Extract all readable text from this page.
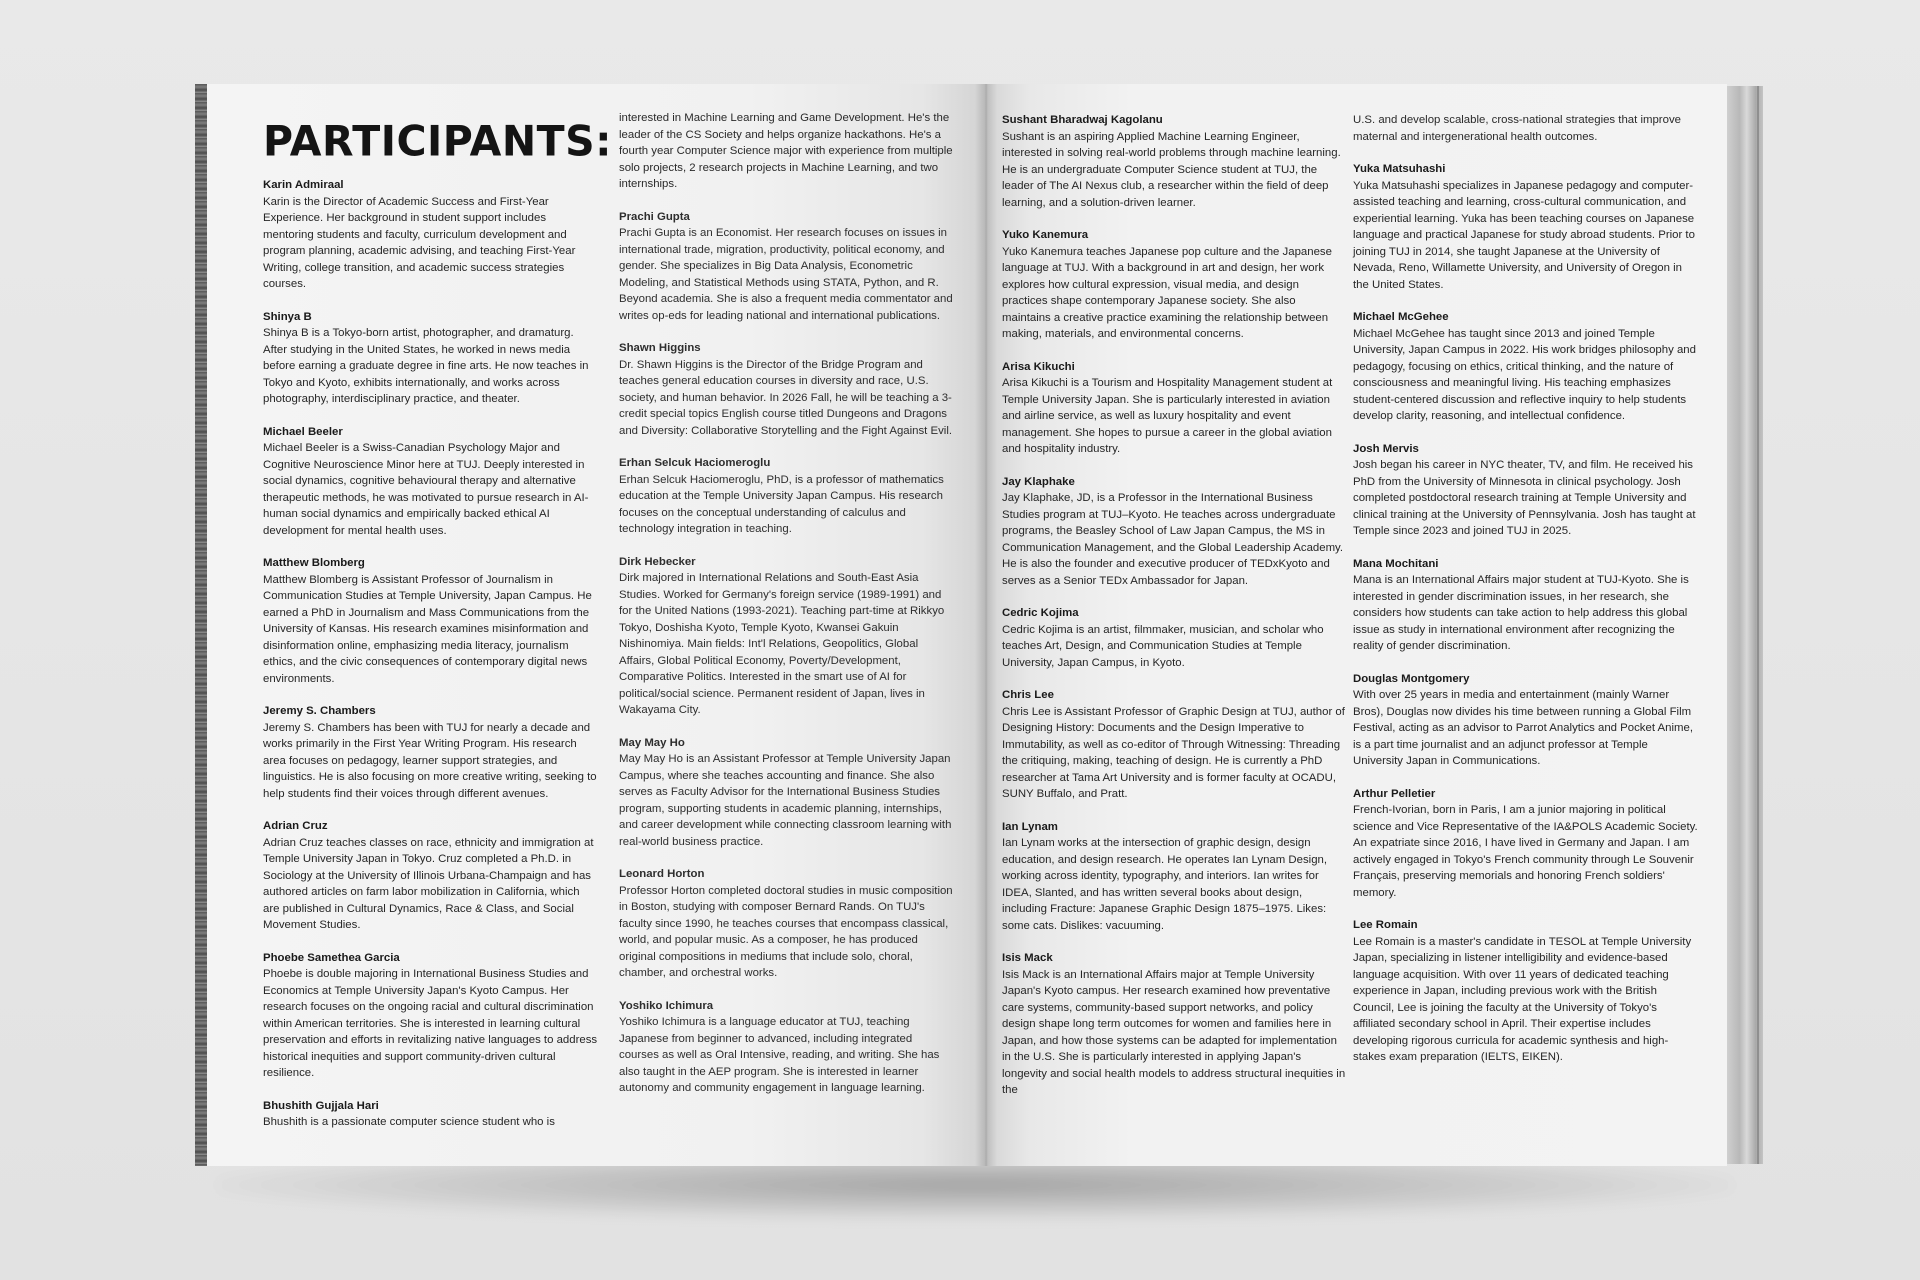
PARTICIPANTS:
Karin Admiraal
Karin is the Director of Academic Success and First-Year Experience. Her background in student support includes mentoring students and faculty, curriculum development and program planning, academic advising, and teaching First-Year Writing, college transition, and academic success strategies courses.
Shinya B
Shinya B is a Tokyo-born artist, photographer, and dramaturg. After studying in the United States, he worked in news media before earning a graduate degree in fine arts. He now teaches in Tokyo and Kyoto, exhibits internationally, and works across photography, interdisciplinary practice, and theater.
Michael Beeler
Michael Beeler is a Swiss-Canadian Psychology Major and Cognitive Neuroscience Minor here at TUJ. Deeply interested in social dynamics, cognitive behavioural therapy and alternative therapeutic methods, he was motivated to pursue research in AI-human social dynamics and empirically backed ethical AI development for mental health uses.
Matthew Blomberg
Matthew Blomberg is Assistant Professor of Journalism in Communication Studies at Temple University, Japan Campus. He earned a PhD in Journalism and Mass Communications from the University of Kansas. His research examines misinformation and disinformation online, emphasizing media literacy, journalism ethics, and the civic consequences of contemporary digital news environments.
Jeremy S. Chambers
Jeremy S. Chambers has been with TUJ for nearly a decade and works primarily in the First Year Writing Program. His research area focuses on pedagogy, learner support strategies, and linguistics. He is also focusing on more creative writing, seeking to help students find their voices through different avenues.
Adrian Cruz
Adrian Cruz teaches classes on race, ethnicity and immigration at Temple University Japan in Tokyo. Cruz completed a Ph.D. in Sociology at the University of Illinois Urbana-Champaign and has authored articles on farm labor mobilization in California, which are published in Cultural Dynamics, Race & Class, and Social Movement Studies.
Phoebe Samethea Garcia
Phoebe is double majoring in International Business Studies and Economics at Temple University Japan's Kyoto Campus. Her research focuses on the ongoing racial and cultural discrimination within American territories. She is interested in learning cultural preservation and efforts in revitalizing native languages to address historical inequities and support community-driven cultural resilience.
Bhushith Gujjala Hari
Bhushith is a passionate computer science student who is
interested in Machine Learning and Game Development. He's the leader of the CS Society and helps organize hackathons. He's a fourth year Computer Science major with experience from multiple solo projects, 2 research projects in Machine Learning, and two internships.
Prachi Gupta
Prachi Gupta is an Economist. Her research focuses on issues in international trade, migration, productivity, political economy, and gender. She specializes in Big Data Analysis, Econometric Modeling, and Statistical Methods using STATA, Python, and R. Beyond academia. She is also a frequent media commentator and writes op-eds for leading national and international publications.
Shawn Higgins
Dr. Shawn Higgins is the Director of the Bridge Program and teaches general education courses in diversity and race, U.S. society, and human behavior. In 2026 Fall, he will be teaching a 3-credit special topics English course titled Dungeons and Dragons and Diversity: Collaborative Storytelling and the Fight Against Evil.
Erhan Selcuk Haciomeroglu
Erhan Selcuk Haciomeroglu, PhD, is a professor of mathematics education at the Temple University Japan Campus. His research focuses on the conceptual understanding of calculus and technology integration in teaching.
Dirk Hebecker
Dirk majored in International Relations and South-East Asia Studies. Worked for Germany's foreign service (1989-1991) and for the United Nations (1993-2021). Teaching part-time at Rikkyo Tokyo, Doshisha Kyoto, Temple Kyoto, Kwansei Gakuin Nishinomiya. Main fields: Int'l Relations, Geopolitics, Global Affairs, Global Political Economy, Poverty/Development, Comparative Politics. Interested in the smart use of AI for political/social science. Permanent resident of Japan, lives in Wakayama City.
May May Ho
May May Ho is an Assistant Professor at Temple University Japan Campus, where she teaches accounting and finance. She also serves as Faculty Advisor for the International Business Studies program, supporting students in academic planning, internships, and career development while connecting classroom learning with real-world business practice.
Leonard Horton
Professor Horton completed doctoral studies in music composition in Boston, studying with composer Bernard Rands. On TUJ's faculty since 1990, he teaches courses that encompass classical, world, and popular music. As a composer, he has produced original compositions in mediums that include solo, choral, chamber, and orchestral works.
Yoshiko Ichimura
Yoshiko Ichimura is a language educator at TUJ, teaching Japanese from beginner to advanced, including integrated courses as well as Oral Intensive, reading, and writing. She has also taught in the AEP program. She is interested in learner autonomy and community engagement in language learning.
Sushant Bharadwaj Kagolanu
Sushant is an aspiring Applied Machine Learning Engineer, interested in solving real-world problems through machine learning. He is an undergraduate Computer Science student at TUJ, the leader of The AI Nexus club, a researcher within the field of deep learning, and a solution-driven learner.
Yuko Kanemura
Yuko Kanemura teaches Japanese pop culture and the Japanese language at TUJ. With a background in art and design, her work explores how cultural expression, visual media, and design practices shape contemporary Japanese society. She also maintains a creative practice examining the relationship between making, materials, and environmental concerns.
Arisa Kikuchi
Arisa Kikuchi is a Tourism and Hospitality Management student at Temple University Japan. She is particularly interested in aviation and airline service, as well as luxury hospitality and event management. She hopes to pursue a career in the global aviation and hospitality industry.
Jay Klaphake
Jay Klaphake, JD, is a Professor in the International Business Studies program at TUJ–Kyoto. He teaches across undergraduate programs, the Beasley School of Law Japan Campus, the MS in Communication Management, and the Global Leadership Academy. He is also the founder and executive producer of TEDxKyoto and serves as a Senior TEDx Ambassador for Japan.
Cedric Kojima
Cedric Kojima is an artist, filmmaker, musician, and scholar who teaches Art, Design, and Communication Studies at Temple University, Japan Campus, in Kyoto.
Chris Lee
Chris Lee is Assistant Professor of Graphic Design at TUJ, author of Designing History: Documents and the Design Imperative to Immutability, as well as co-editor of Through Witnessing: Threading the critiquing, making, teaching of design. He is currently a PhD researcher at Tama Art University and is former faculty at OCADU, SUNY Buffalo, and Pratt.
Ian Lynam
Ian Lynam works at the intersection of graphic design, design education, and design research. He operates Ian Lynam Design, working across identity, typography, and interiors. Ian writes for IDEA, Slanted, and has written several books about design, including Fracture: Japanese Graphic Design 1875–1975. Likes: some cats. Dislikes: vacuuming.
Isis Mack
Isis Mack is an International Affairs major at Temple University Japan's Kyoto campus. Her research examined how preventative care systems, community-based support networks, and policy design shape long term outcomes for women and families here in Japan, and how those systems can be adapted for implementation in the U.S. She is particularly interested in applying Japan's longevity and social health models to address structural inequities in the
U.S. and develop scalable, cross-national strategies that improve maternal and intergenerational health outcomes.
Yuka Matsuhashi
Yuka Matsuhashi specializes in Japanese pedagogy and computer-assisted teaching and learning, cross-cultural communication, and experiential learning. Yuka has been teaching courses on Japanese language and practical Japanese for study abroad students. Prior to joining TUJ in 2014, she taught Japanese at the University of Nevada, Reno, Willamette University, and University of Oregon in the United States.
Michael McGehee
Michael McGehee has taught since 2013 and joined Temple University, Japan Campus in 2022. His work bridges philosophy and pedagogy, focusing on ethics, critical thinking, and the nature of consciousness and meaningful living. His teaching emphasizes student-centered discussion and reflective inquiry to help students develop clarity, reasoning, and intellectual confidence.
Josh Mervis
Josh began his career in NYC theater, TV, and film. He received his PhD from the University of Minnesota in clinical psychology. Josh completed postdoctoral research training at Temple University and clinical training at the University of Pennsylvania. Josh has taught at Temple since 2023 and joined TUJ in 2025.
Mana Mochitani
Mana is an International Affairs major student at TUJ-Kyoto. She is interested in gender discrimination issues, in her research, she considers how students can take action to help address this global issue as study in international environment after recognizing the reality of gender discrimination.
Douglas Montgomery
With over 25 years in media and entertainment (mainly Warner Bros), Douglas now divides his time between running a Global Film Festival, acting as an advisor to Parrot Analytics and Pocket Anime, is a part time journalist and an adjunct professor at Temple University Japan in Communications.
Arthur Pelletier
French-Ivorian, born in Paris, I am a junior majoring in political science and Vice Representative of the IA&POLS Academic Society. An expatriate since 2016, I have lived in Germany and Japan. I am actively engaged in Tokyo's French community through Le Souvenir Français, preserving memorials and honoring French soldiers' memory.
Lee Romain
Lee Romain is a master's candidate in TESOL at Temple University Japan, specializing in listener intelligibility and evidence-based language acquisition. With over 11 years of dedicated teaching experience in Japan, including previous work with the British Council, Lee is joining the faculty at the University of Tokyo's affiliated secondary school in April. Their expertise includes developing rigorous curricula for academic synthesis and high-stakes exam preparation (IELTS, EIKEN).
